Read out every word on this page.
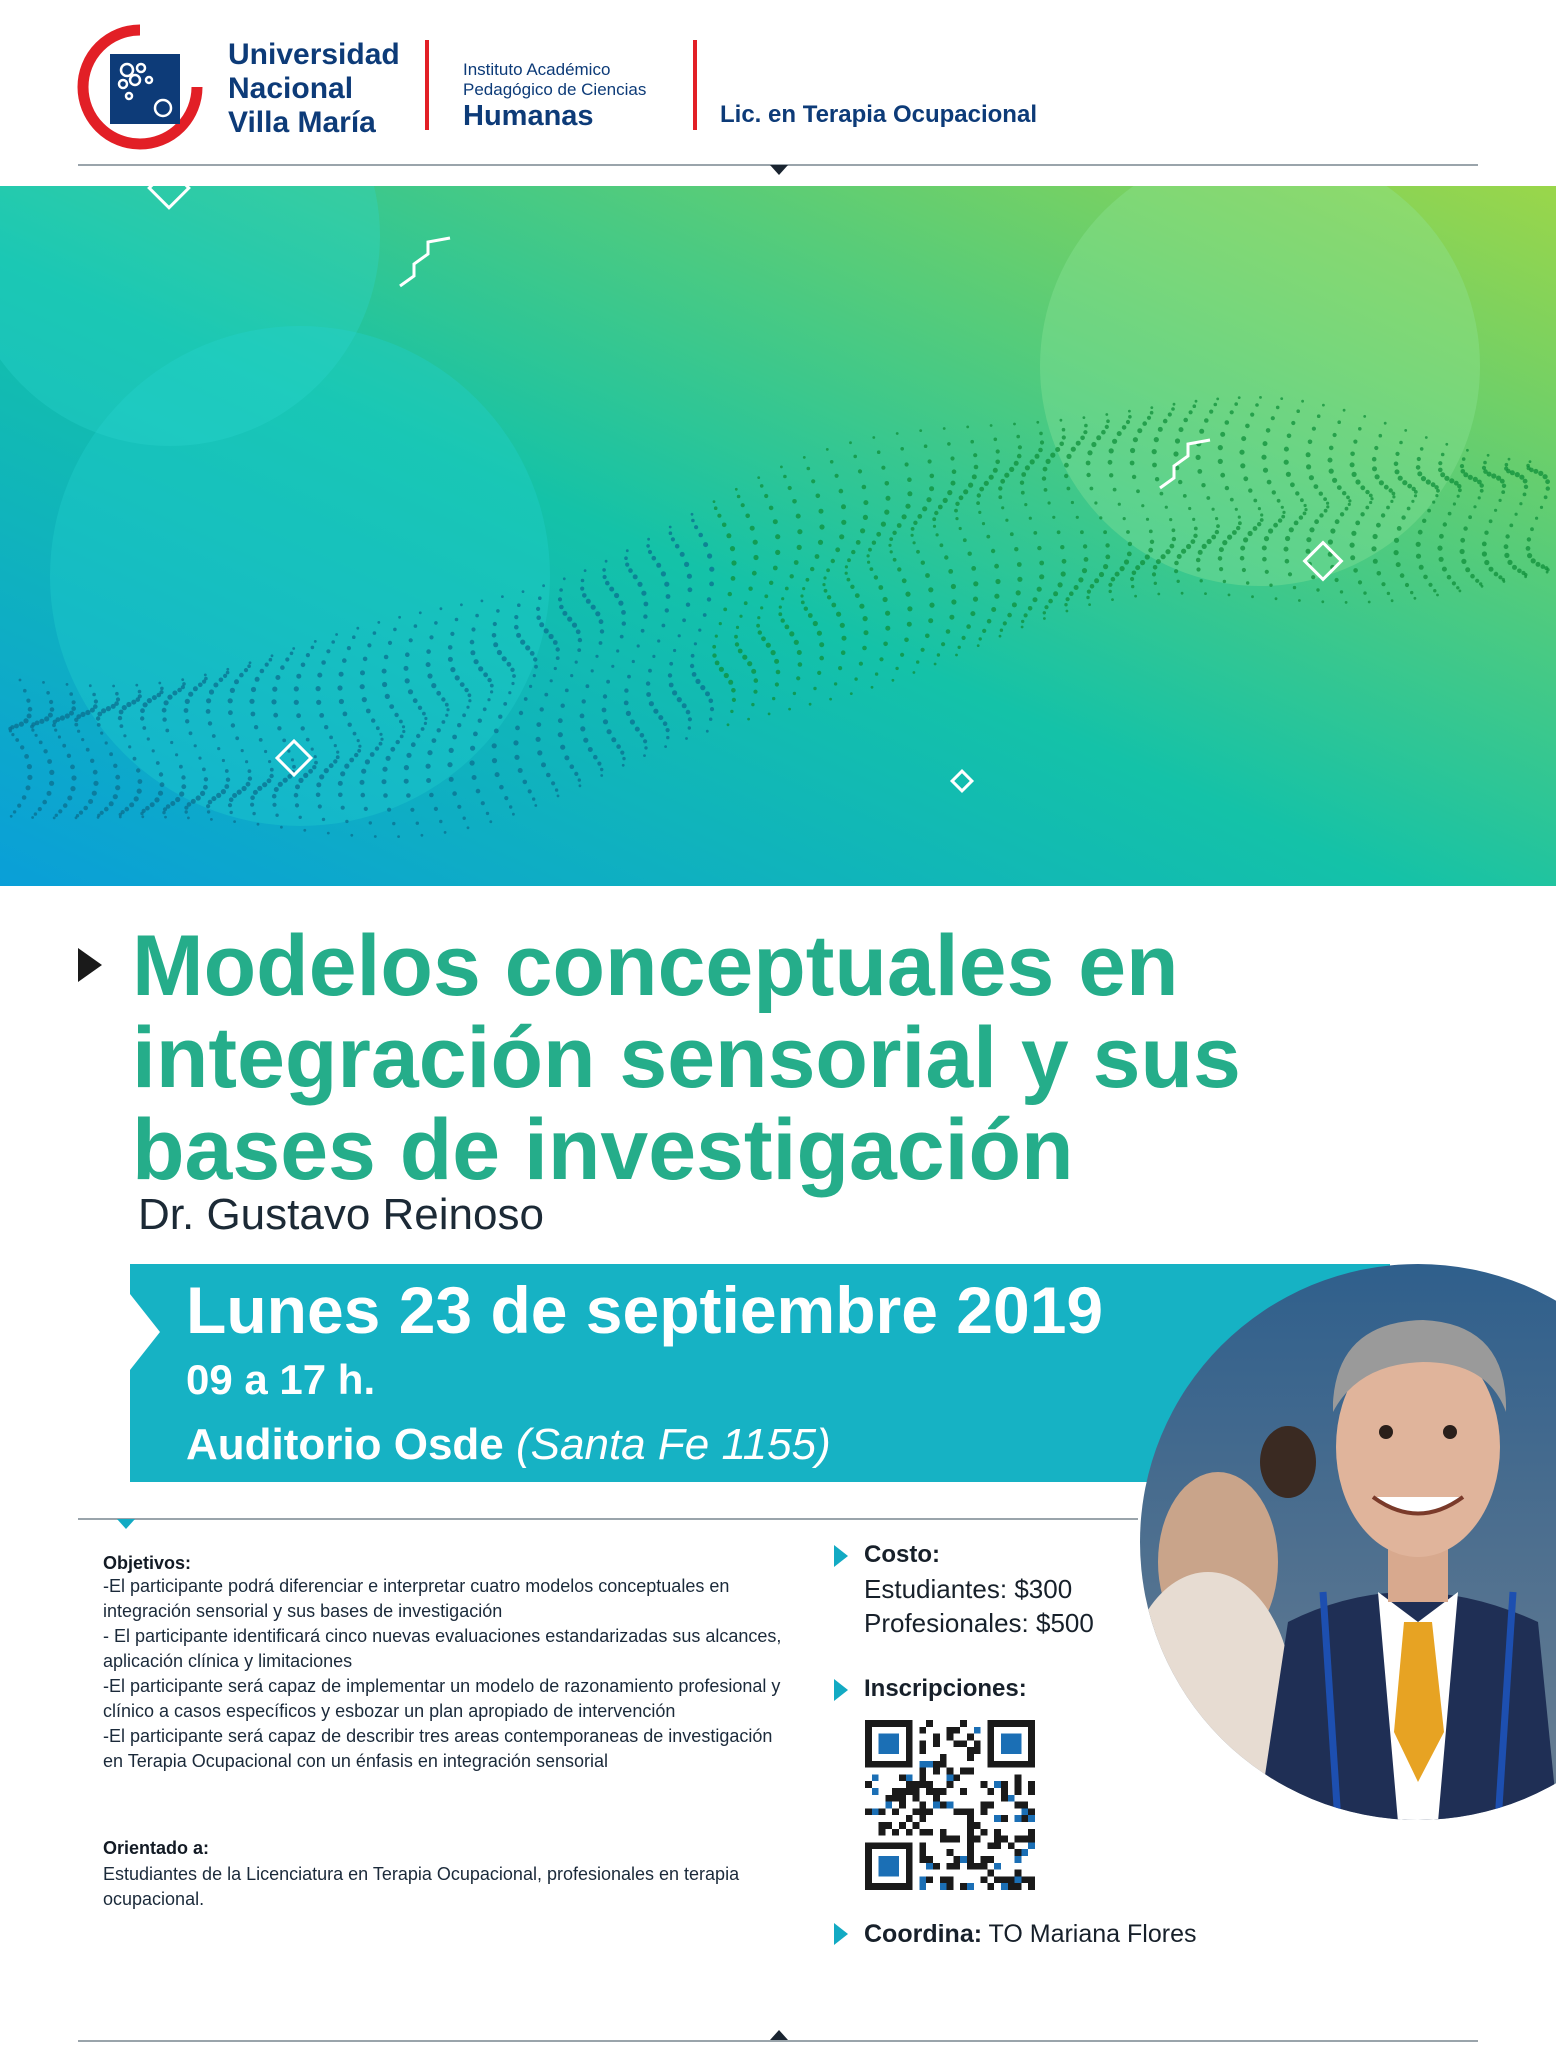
Universidad
Nacional
Villa María
Instituto Académico
Pedagógico de Ciencias
Humanas	Lic. en Terapia Ocupacional
Modelos conceptuales en integración sensorial y sus bases de investigación
Dr. Gustavo Reinoso
Lunes 23 de septiembre 2019
09 a 17 h.
Auditorio Osde (Santa Fe 1155)
Objetivos:
-El participante podrá diferenciar e interpretar cuatro modelos conceptuales en integración sensorial y sus bases de investigación
- El participante identificará cinco nuevas evaluaciones estandarizadas sus alcances, aplicación clínica y limitaciones
-El participante será capaz de implementar un modelo de razonamiento profesional y clínico a casos específicos y esbozar un plan apropiado de intervención
-El participante será capaz de describir tres areas contemporaneas de investigación en Terapia Ocupacional con un énfasis en integración sensorial
Orientado a:
Estudiantes de la Licenciatura en Terapia Ocupacional, profesionales en terapia ocupacional.
Costo:
Estudiantes: $300
Profesionales: $500
Inscripciones:
Coordina: TO Mariana Flores
